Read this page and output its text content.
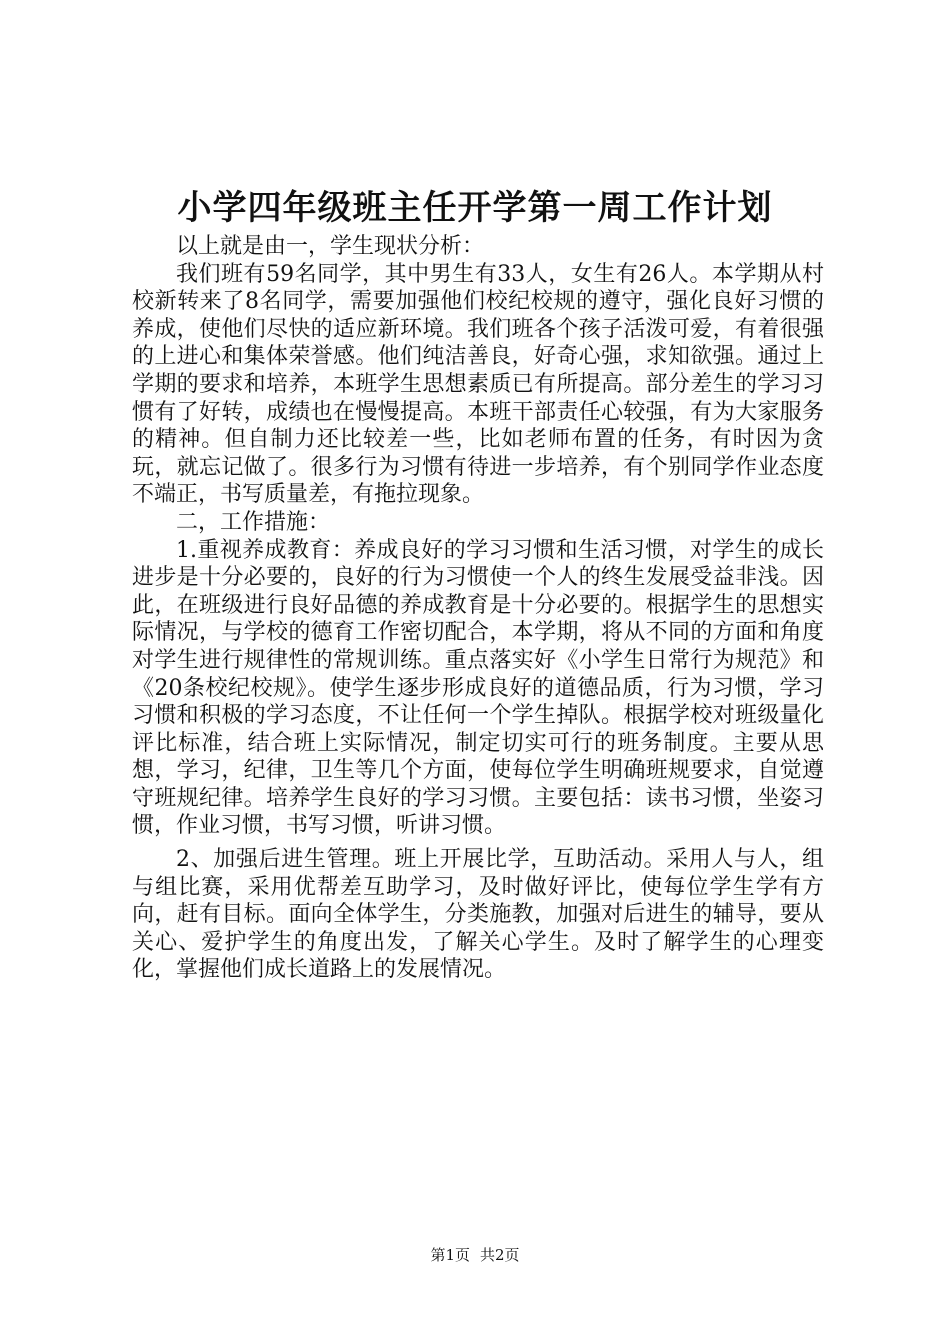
小学四年级班主任开学第一周工作计划

以上就是由一，学生现状分析：

我们班有59名同学，其中男生有33人，女生有26人。本学期从村校新转来了8名同学，需要加强他们校纪校规的遵守，强化良好习惯的养成，使他们尽快的适应新环境。我们班各个孩子活泼可爱，有着很强的上进心和集体荣誉感。他们纯洁善良，好奇心强，求知欲强。通过上学期的要求和培养，本班学生思想素质已有所提高。部分差生的学习习惯有了好转，成绩也在慢慢提高。本班干部责任心较强，有为大家服务的精神。但自制力还比较差一些，比如老师布置的任务，有时因为贪玩，就忘记做了。很多行为习惯有待进一步培养，有个别同学作业态度不端正，书写质量差，有拖拉现象。

二，工作措施：

1.重视养成教育：养成良好的学习习惯和生活习惯，对学生的成长进步是十分必要的，良好的行为习惯使一个人的终生发展受益非浅。因此，在班级进行良好品德的养成教育是十分必要的。根据学生的思想实际情况，与学校的德育工作密切配合，本学期，将从不同的方面和角度对学生进行规律性的常规训练。重点落实好《小学生日常行为规范》和《20条校纪校规》。使学生逐步形成良好的道德品质，行为习惯，学习习惯和积极的学习态度，不让任何一个学生掉队。根据学校对班级量化评比标准，结合班上实际情况，制定切实可行的班务制度。主要从思想，学习，纪律，卫生等几个方面，使每位学生明确班规要求，自觉遵守班规纪律。培养学生良好的学习习惯。主要包括：读书习惯，坐姿习惯，作业习惯，书写习惯，听讲习惯。

2、加强后进生管理。班上开展比学，互助活动。采用人与人，组与组比赛，采用优帮差互助学习，及时做好评比，使每位学生学有方向，赶有目标。面向全体学生，分类施教，加强对后进生的辅导，要从关心、爱护学生的角度出发，了解关心学生。及时了解学生的心理变化，掌握他们成长道路上的发展情况。

第1页 共2页
